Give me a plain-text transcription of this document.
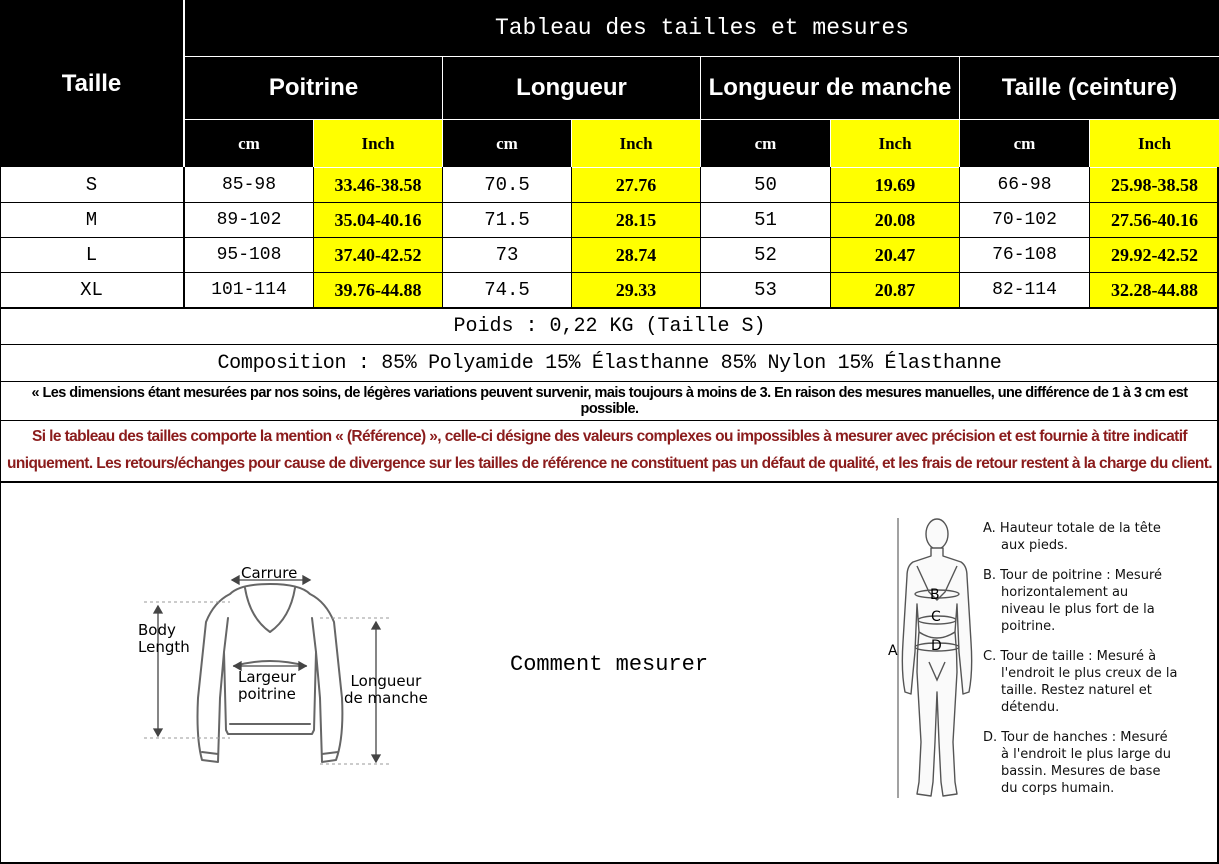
Taille
Tableau des tailles et mesures
Poitrine	Longueur	Longueur de manche	Taille (ceinture)
cm	Inch	cm	Inch	cm	Inch	cm	Inch
S	85-98	33.46-38.58	70.5	27.76	50	19.69	66-98	25.98-38.58
M	89-102	35.04-40.16	71.5	28.15	51	20.08	70-102	27.56-40.16
L	95-108	37.40-42.52	73	28.74	52	20.47	76-108	29.92-42.52
XL	101-114	39.76-44.88	74.5	29.33	53	20.87	82-114	32.28-44.88
Poids : 0,22 KG (Taille S)
Composition : 85% Polyamide 15% Élasthanne 85% Nylon 15% Élasthanne
« Les dimensions étant mesurées par nos soins, de légères variations peuvent survenir, mais toujours à moins de 3. En raison des mesures manuelles, une différence de 1 à 3 cm est possible.
Si le tableau des tailles comporte la mention « (Référence) », celle-ci désigne des valeurs complexes ou impossibles à mesurer avec précision et est fournie à titre indicatif
uniquement. Les retours/échanges pour cause de divergence sur les tailles de référence ne constituent pas un défaut de qualité, et les frais de retour restent à la charge du client.
Carrure
Body
Length
Largeur
poitrine
Longueur
de manche
Comment mesurer
A
B
C
D

A. Hauteur totale de la tête
aux pieds.

B. Tour de poitrine : Mesuré
horizontalement au
niveau le plus fort de la
poitrine.

C. Tour de taille : Mesuré à
l'endroit le plus creux de la
taille. Restez naturel et
détendu.

D. Tour de hanches : Mesuré
à l'endroit le plus large du
bassin. Mesures de base
du corps humain.
